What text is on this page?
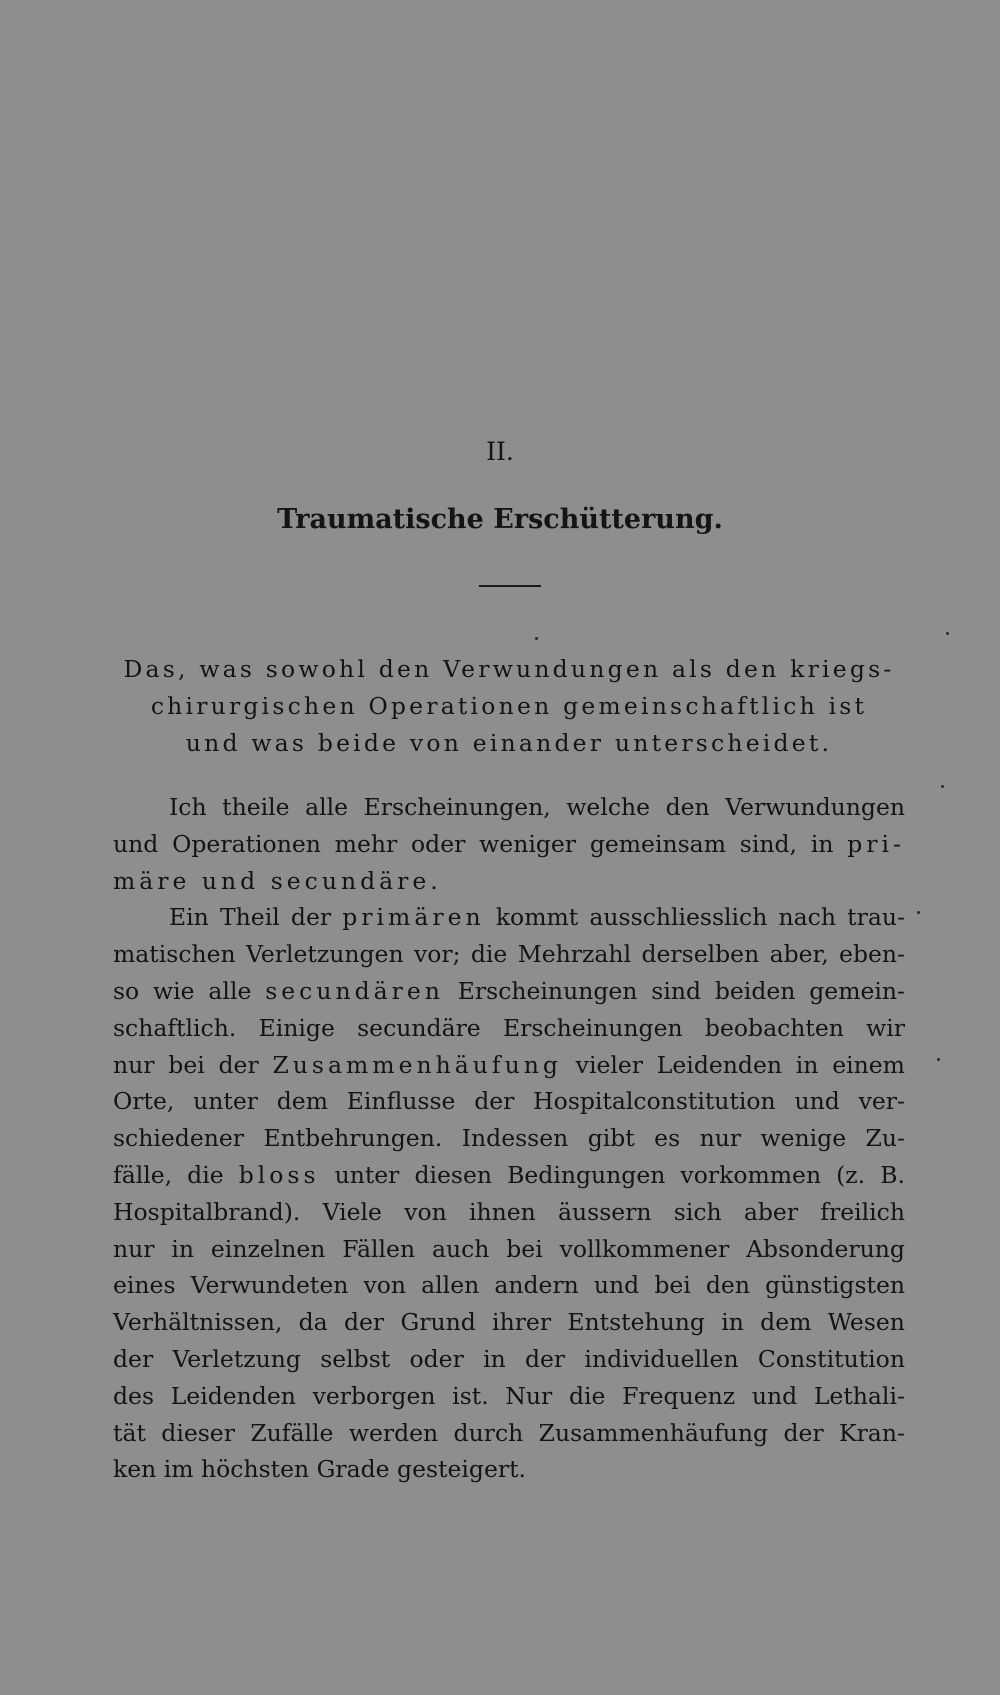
II.
Traumatische Erschütterung.
Das, was sowohl den Verwundungen als den kriegs-
chirurgischen Operationen gemeinschaftlich ist
und was beide von einander unterscheidet.
Ich theile alle Erscheinungen, welche den Verwundungen
und Operationen mehr oder weniger gemeinsam sind, in pri-
märe und secundäre.
Ein Theil der primären kommt ausschliesslich nach trau-
matischen Verletzungen vor; die Mehrzahl derselben aber, eben-
so wie alle secundären Erscheinungen sind beiden gemein-
schaftlich. Einige secundäre Erscheinungen beobachten wir
nur bei der Zusammenhäufung vieler Leidenden in einem
Orte, unter dem Einflusse der Hospitalconstitution und ver-
schiedener Entbehrungen. Indessen gibt es nur wenige Zu-
fälle, die bloss unter diesen Bedingungen vorkommen (z. B.
Hospitalbrand). Viele von ihnen äussern sich aber freilich
nur in einzelnen Fällen auch bei vollkommener Absonderung
eines Verwundeten von allen andern und bei den günstigsten
Verhältnissen, da der Grund ihrer Entstehung in dem Wesen
der Verletzung selbst oder in der individuellen Constitution
des Leidenden verborgen ist. Nur die Frequenz und Lethali-
tät dieser Zufälle werden durch Zusammenhäufung der Kran-
ken im höchsten Grade gesteigert.
